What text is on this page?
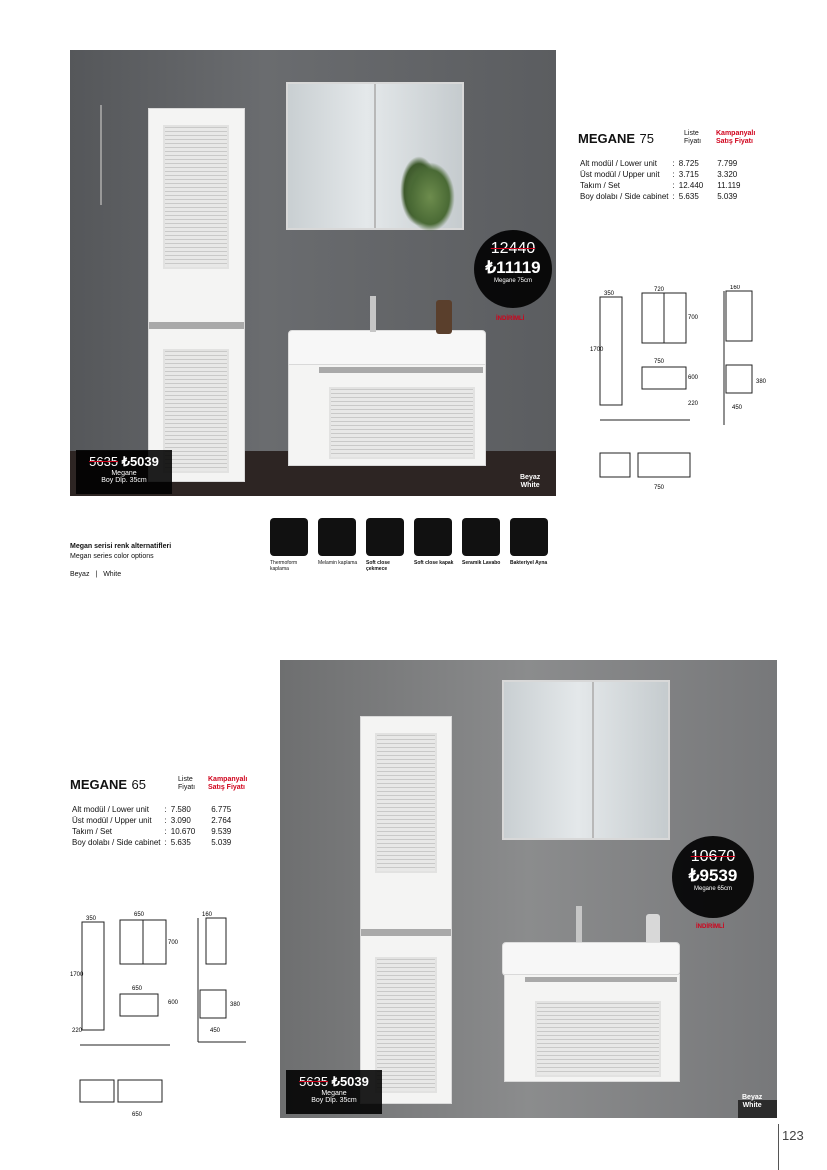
12440
₺11119
Megane 75cm
İNDİRİMLİ
5635 ₺5039
Megane
Boy Dlp. 35cm	Beyaz
White
MEGANE 75	Liste
Fiyatı
Kampanyalı
Satış Fiyatı
Alt modül / Lower unit	:	8.725	7.799
Üst modül / Upper unit	:	3.715	3.320
Takım / Set	:	12.440	11.119
Boy dolabı / Side cabinet	:	5.635	5.039
720
750
350
450
160
700
1700
380
600
220
750
Megan serisi renk alternatifleri
Megan series color options
Beyaz | White
Thermoform kaplama
Melamin kaplama	Soft close çekmece
Soft close kapak	Seramik Lavabo	Bakteriyel Ayna
10670
₺9539
Megane 65cm
İNDİRİMLİ
5635 ₺5039
Megane
Boy Dlp. 35cm	Beyaz
White
MEGANE 65	Liste
Fiyatı
Kampanyalı
Satış Fiyatı
Alt modül / Lower unit	:	7.580	6.775
Üst modül / Upper unit	:	3.090	2.764
Takım / Set	:	10.670	9.539
Boy dolabı / Side cabinet	:	5.635	5.039
650
650
350
450
160
700
1700
380
600
220
650
123
